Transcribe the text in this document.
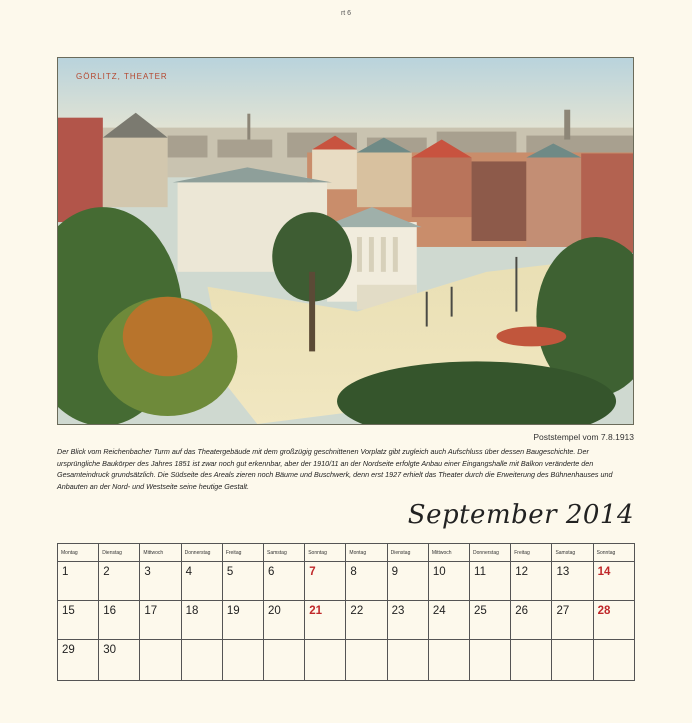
rt 6
GÖRLITZ, THEATER
Poststempel vom 7.8.1913

Der Blick vom Reichenbacher Turm auf das Theatergebäude mit dem großzügig geschnittenen Vorplatz gibt zugleich auch Aufschluss über dessen Baugeschichte. Der ursprüngliche Baukörper des Jahres 1851 ist zwar noch gut erkennbar, aber der 1910/11 an der Nordseite erfolgte Anbau einer Eingangshalle mit Balkon veränderte den Gesamteindruck grundsätzlich. Die Südseite des Areals zieren noch Bäume und Buschwerk, denn erst 1927 erhielt das Theater durch die Erweiterung des Bühnenhauses und Anbauten an der Nord- und Westseite seine heutige Gestalt.

September 2014
Montag	Dienstag	Mittwoch	Donnerstag	Freitag	Samstag	Sonntag	Montag	Dienstag	Mittwoch	Donnerstag	Freitag	Samstag	Sonntag
1	2	3	4	5	6	7	8	9	10	11	12	13	14
15	16	17	18	19	20	21	22	23	24	25	26	27	28
29	30												
